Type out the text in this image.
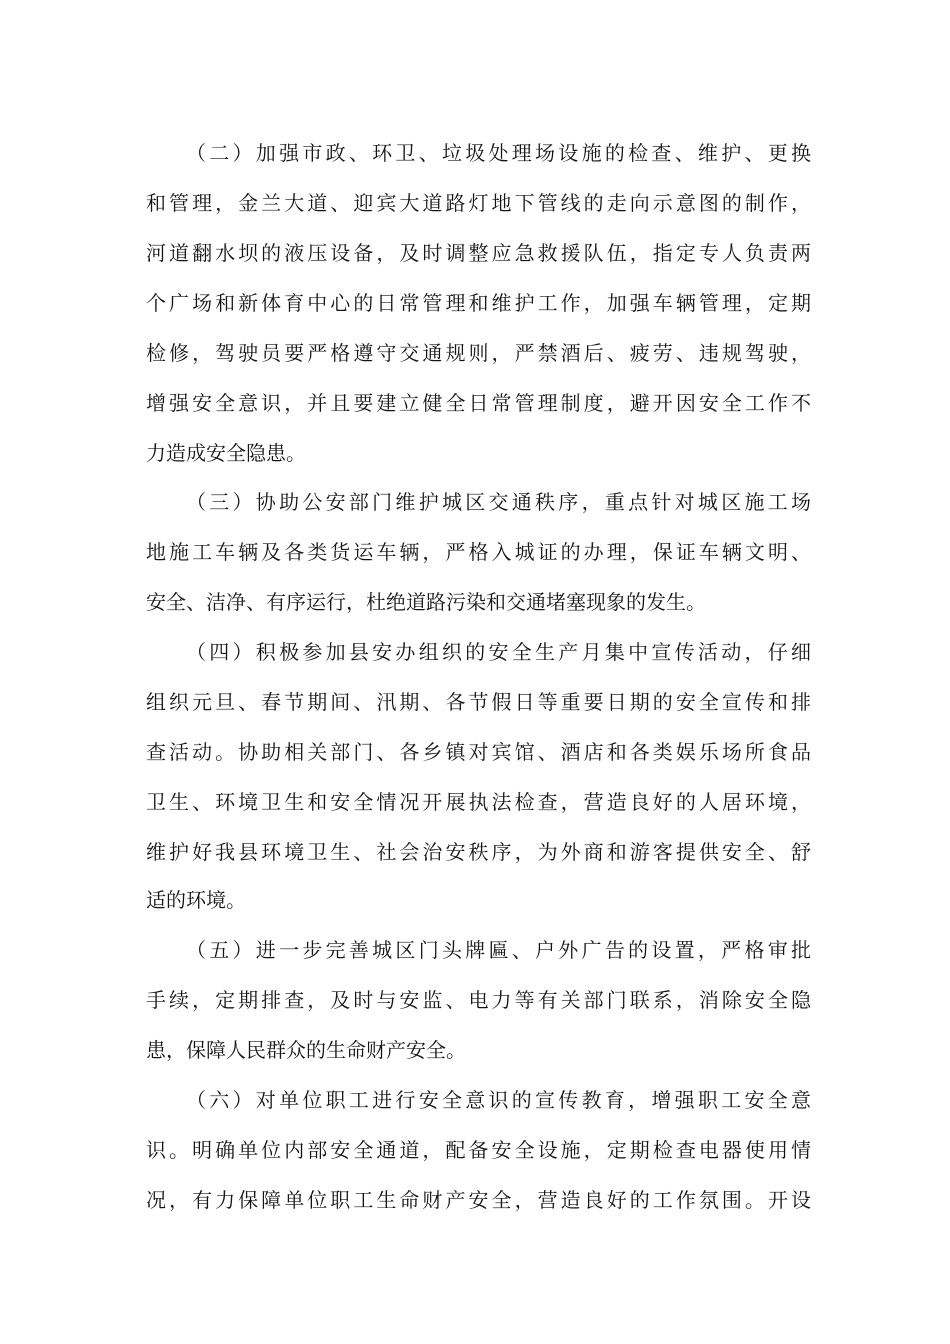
（二）加强市政、环卫、垃圾处理场设施的检查、维护、更换
和管理，金兰大道、迎宾大道路灯地下管线的走向示意图的制作，
河道翻水坝的液压设备，及时调整应急救援队伍，指定专人负责两
个广场和新体育中心的日常管理和维护工作，加强车辆管理，定期
检修，驾驶员要严格遵守交通规则，严禁酒后、疲劳、违规驾驶，
增强安全意识，并且要建立健全日常管理制度，避开因安全工作不
力造成安全隐患。
（三）协助公安部门维护城区交通秩序，重点针对城区施工场
地施工车辆及各类货运车辆，严格入城证的办理，保证车辆文明、
安全、洁净、有序运行，杜绝道路污染和交通堵塞现象的发生。
（四）积极参加县安办组织的安全生产月集中宣传活动，仔细
组织元旦、春节期间、汛期、各节假日等重要日期的安全宣传和排
查活动。协助相关部门、各乡镇对宾馆、酒店和各类娱乐场所食品
卫生、环境卫生和安全情况开展执法检查，营造良好的人居环境，
维护好我县环境卫生、社会治安秩序，为外商和游客提供安全、舒
适的环境。
（五）进一步完善城区门头牌匾、户外广告的设置，严格审批
手续，定期排查，及时与安监、电力等有关部门联系，消除安全隐
患，保障人民群众的生命财产安全。
（六）对单位职工进行安全意识的宣传教育，增强职工安全意
识。明确单位内部安全通道，配备安全设施，定期检查电器使用情
况，有力保障单位职工生命财产安全，营造良好的工作氛围。开设
